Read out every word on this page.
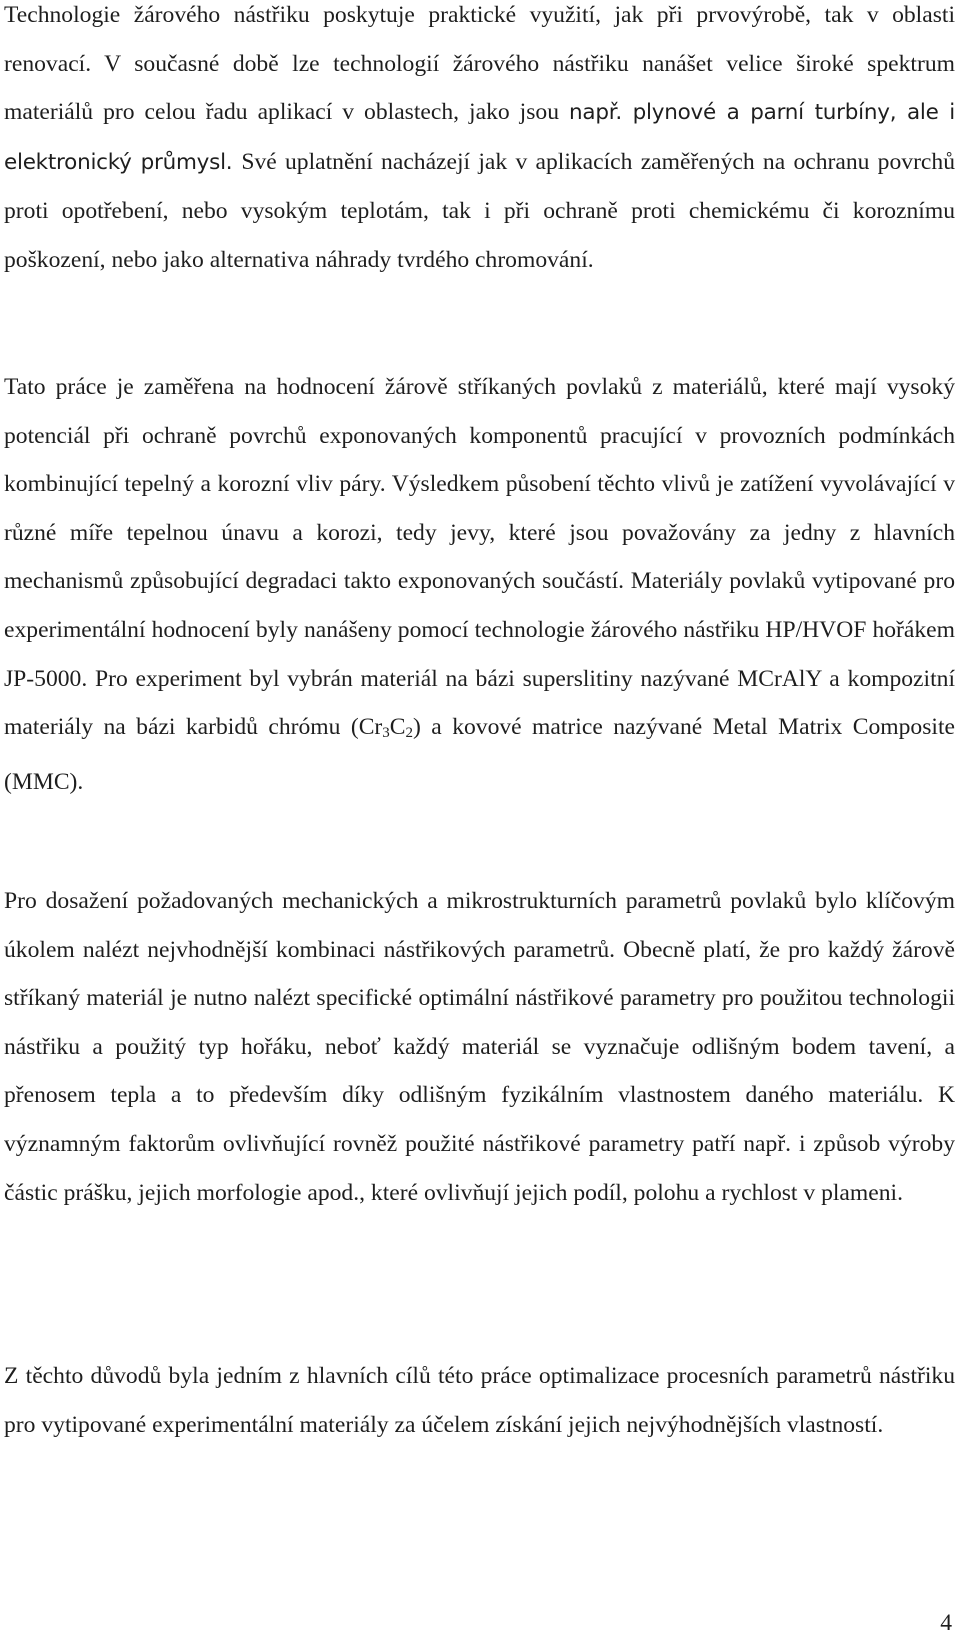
Technologie žárového nástřiku poskytuje praktické využití, jak při prvovýrobě, tak v oblasti renovací. V současné době lze technologií žárového nástřiku nanášet velice široké spektrum materiálů pro celou řadu aplikací v oblastech, jako jsou např. plynové a parní turbíny, ale i elektronický průmysl. Své uplatnění nacházejí jak v aplikacích zaměřených na ochranu povrchů proti opotřebení, nebo vysokým teplotám, tak i při ochraně proti chemickému či koroznímu poškození, nebo jako alternativa náhrady tvrdého chromování.

Tato práce je zaměřena na hodnocení žárově stříkaných povlaků z materiálů, které mají vysoký potenciál při ochraně povrchů exponovaných komponentů pracující v provozních podmínkách kombinující tepelný a korozní vliv páry. Výsledkem působení těchto vlivů je zatížení vyvolávající v různé míře tepelnou únavu a korozi, tedy jevy, které jsou považovány za jedny z hlavních mechanismů způsobující degradaci takto exponovaných součástí. Materiály povlaků vytipované pro experimentální hodnocení byly nanášeny pomocí technologie žárového nástřiku HP/HVOF hořákem JP-5000. Pro experiment byl vybrán materiál na bázi superslitiny nazývané MCrAlY a kompozitní materiály na bázi karbidů chrómu $(Cr_3C_2)$ a kovové matrice nazývané Metal Matrix Composite (MMC).

Pro dosažení požadovaných mechanických a mikrostrukturních parametrů povlaků bylo klíčovým úkolem nalézt nejvhodnější kombinaci nástřikových parametrů. Obecně platí, že pro každý žárově stříkaný materiál je nutno nalézt specifické optimální nástřikové parametry pro použitou technologii nástřiku a použitý typ hořáku, neboť každý materiál se vyznačuje odlišným bodem tavení, a přenosem tepla a to především díky odlišným fyzikálním vlastnostem daného materiálu. K významným faktorům ovlivňující rovněž použité nástřikové parametry patří např. i způsob výroby částic prášku, jejich morfologie apod., které ovlivňují jejich podíl, polohu a rychlost v plameni.

Z těchto důvodů byla jedním z hlavních cílů této práce optimalizace procesních parametrů nástřiku pro vytipované experimentální materiály za účelem získání jejich nejvýhodnějších vlastností.

4
